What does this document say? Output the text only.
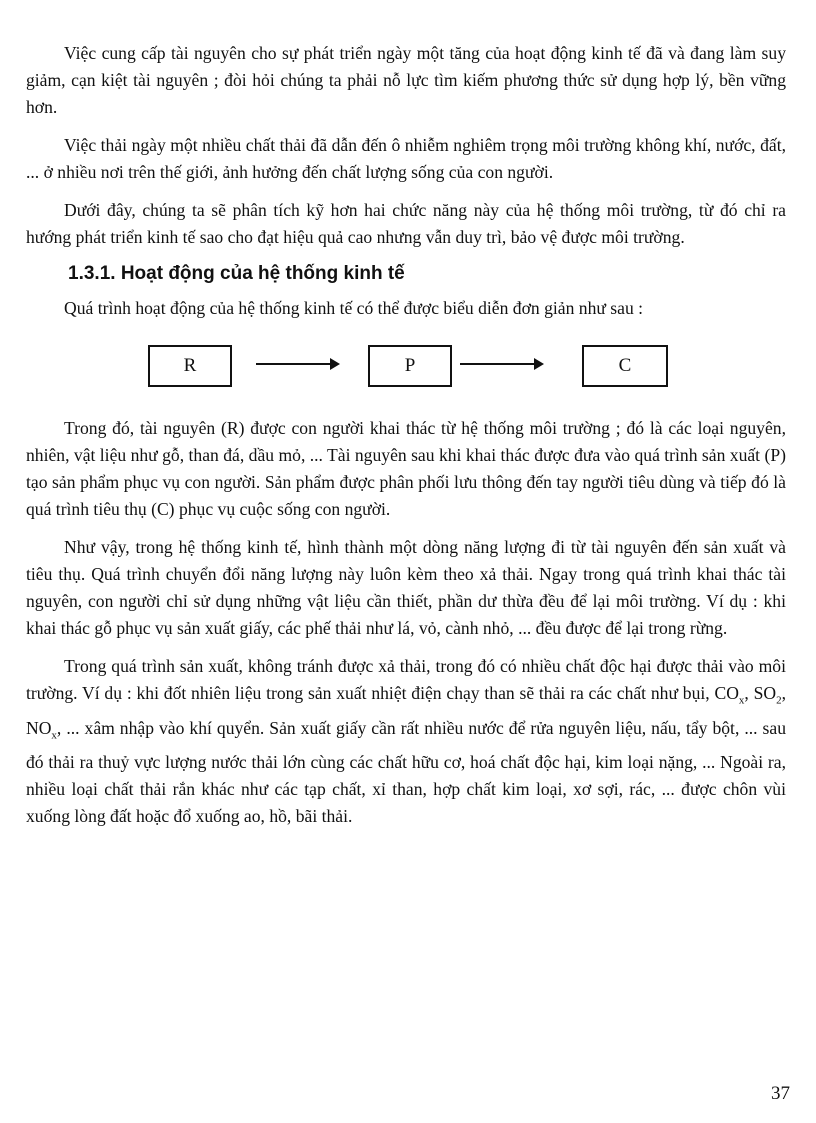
Việc cung cấp tài nguyên cho sự phát triển ngày một tăng của hoạt động kinh tế đã và đang làm suy giảm, cạn kiệt tài nguyên ; đòi hỏi chúng ta phải nỗ lực tìm kiếm phương thức sử dụng hợp lý, bền vững hơn.

Việc thải ngày một nhiều chất thải đã dẫn đến ô nhiễm nghiêm trọng môi trường không khí, nước, đất, ... ở nhiều nơi trên thế giới, ảnh hưởng đến chất lượng sống của con người.

Dưới đây, chúng ta sẽ phân tích kỹ hơn hai chức năng này của hệ thống môi trường, từ đó chỉ ra hướng phát triển kinh tế sao cho đạt hiệu quả cao nhưng vẫn duy trì, bảo vệ được môi trường.

1.3.1. Hoạt động của hệ thống kinh tế

Quá trình hoạt động của hệ thống kinh tế có thể được biểu diễn đơn giản như sau :

R	P	C

Trong đó, tài nguyên (R) được con người khai thác từ hệ thống môi trường ; đó là các loại nguyên, nhiên, vật liệu như gỗ, than đá, dầu mỏ, ... Tài nguyên sau khi khai thác được đưa vào quá trình sản xuất (P) tạo sản phẩm phục vụ con người. Sản phẩm được phân phối lưu thông đến tay người tiêu dùng và tiếp đó là quá trình tiêu thụ (C) phục vụ cuộc sống con người.

Như vậy, trong hệ thống kinh tế, hình thành một dòng năng lượng đi từ tài nguyên đến sản xuất và tiêu thụ. Quá trình chuyển đổi năng lượng này luôn kèm theo xả thải. Ngay trong quá trình khai thác tài nguyên, con người chỉ sử dụng những vật liệu cần thiết, phần dư thừa đều để lại môi trường. Ví dụ : khi khai thác gỗ phục vụ sản xuất giấy, các phế thải như lá, vỏ, cành nhỏ, ... đều được để lại trong rừng.

Trong quá trình sản xuất, không tránh được xả thải, trong đó có nhiều chất độc hại được thải vào môi trường. Ví dụ : khi đốt nhiên liệu trong sản xuất nhiệt điện chạy than sẽ thải ra các chất như bụi, $CO_x$, $SO_2$, $NO_x$, ... xâm nhập vào khí quyển. Sản xuất giấy cần rất nhiều nước để rửa nguyên liệu, nấu, tẩy bột, ... sau đó thải ra thuỷ vực lượng nước thải lớn cùng các chất hữu cơ, hoá chất độc hại, kim loại nặng, ... Ngoài ra, nhiều loại chất thải rắn khác như các tạp chất, xỉ than, hợp chất kim loại, xơ sợi, rác, ... được chôn vùi xuống lòng đất hoặc đổ xuống ao, hồ, bãi thải.

37
